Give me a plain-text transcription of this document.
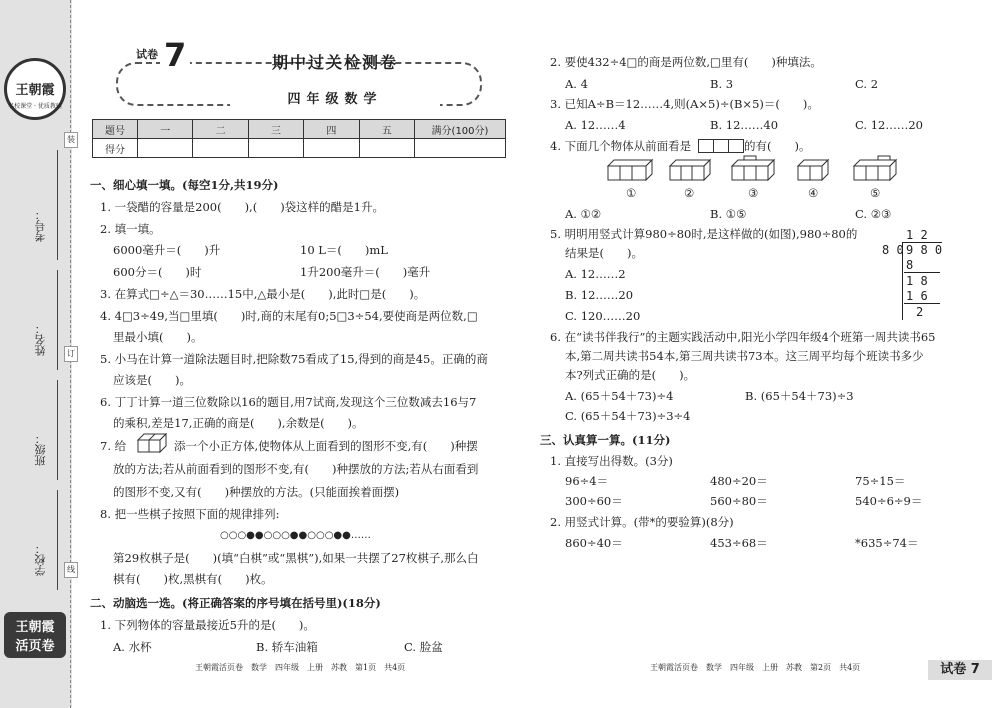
王朝霞
名校课堂 · 优质教辅
装
订
线
考号：
姓名：
班级：
学校：
王朝霞
活页卷
试卷 7	期中过关检测卷
四年级数学
题号	一	二	三	四	五	满分(100分)
得分						
一、细心填一填。(每空1分,共19分)
1. 一袋醋的容量是200(　　),(　　)袋这样的醋是1升。
2. 填一填。
6000毫升＝(　　)升	10 L＝(　　)mL
600分＝(　　)时	1升200毫升＝(　　)毫升
3. 在算式□÷△＝30……15中,△最小是(　　),此时□是(　　)。
4. 4□3÷49,当□里填(　　)时,商的末尾有0;5□3÷54,要使商是两位数,□
里最小填(　　)。
5. 小马在计算一道除法题目时,把除数75看成了15,得到的商是45。正确的商
应该是(　　)。
6. 丁丁计算一道三位数除以16的题目,用7试商,发现这个三位数减去16与7
的乘积,差是17,正确的商是(　　),余数是(　　)。
7. 给	添一个小正方体,使物体从上面看到的图形不变,有(　　)种摆
放的方法;若从前面看到的图形不变,有(　　)种摆放的方法;若从右面看到
的图形不变,又有(　　)种摆放的方法。(只能面挨着面摆)
8. 把一些棋子按照下面的规律排列:
○○○●●○○○●●○○○●●……
第29枚棋子是(　　)(填“白棋”或“黑棋”),如果一共摆了27枚棋子,那么白
棋有(　　)枚,黑棋有(　　)枚。
二、动脑选一选。(将正确答案的序号填在括号里)(18分)
1. 下列物体的容量最接近5升的是(　　)。
A. 水杯	B. 轿车油箱	C. 脸盆
王朝霞活页卷　数学　四年级　上册　苏教　第1页　共4页
2. 要使432÷4□的商是两位数,□里有(　　)种填法。
A. 4	B. 3	C. 2
3. 已知A÷B＝12……4,则(A×5)÷(B×5)＝(　　)。
A. 12……4	B. 12……40	C. 12……20
4. 下面几个物体从前面看是	的有(　　)。
①	②	③	④	⑤
A. ①②	B. ①⑤	C. ②③
5. 明明用竖式计算980÷80时,是这样做的(如图),980÷80的
结果是(　　)。
A. 12……2
B. 12……20
C. 120……20
1 2
8 0 9 8 0
8
1 8
1 6
2
6. 在“读书伴我行”的主题实践活动中,阳光小学四年级4个班第一周共读书65
本,第二周共读书54本,第三周共读书73本。这三周平均每个班读书多少
本?列式正确的是(　　)。
A. (65＋54＋73)÷4	B. (65＋54＋73)÷3
C. (65＋54＋73)÷3÷4
三、认真算一算。(11分)
1. 直接写出得数。(3分)
96÷4＝	480÷20＝	75÷15＝
300÷60＝	560÷80＝	540÷6÷9＝
2. 用竖式计算。(带*的要验算)(8分)
860÷40＝	453÷68＝	*635÷74＝
王朝霞活页卷　数学　四年级　上册　苏教　第2页　共4页	试卷 7
